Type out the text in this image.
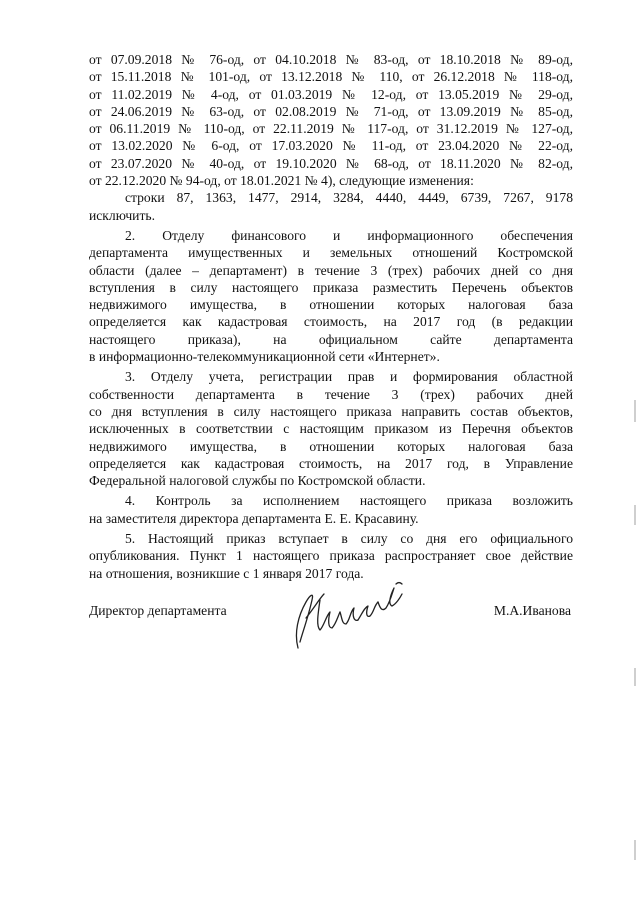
от 07.09.2018 № 76-од, от 04.10.2018 № 83-од, от 18.10.2018 № 89-од,
от 15.11.2018 № 101-од, от 13.12.2018 № 110, от 26.12.2018 № 118-од,
от 11.02.2019 № 4-од, от 01.03.2019 № 12-од, от 13.05.2019 № 29-од,
от 24.06.2019 № 63-од, от 02.08.2019 № 71-од, от 13.09.2019 № 85-од,
от 06.11.2019 № 110-од, от 22.11.2019 № 117-од, от 31.12.2019 № 127-од,
от 13.02.2020 № 6-од, от 17.03.2020 № 11-од, от 23.04.2020 № 22-од,
от 23.07.2020 № 40-од, от 19.10.2020 № 68-од, от 18.11.2020 № 82-од,
от 22.12.2020 № 94-од, от 18.01.2021 № 4), следующие изменения:
строки 87, 1363, 1477, 2914, 3284, 4440, 4449, 6739, 7267, 9178
исключить.
2. Отделу финансового и информационного обеспечения
департамента имущественных и земельных отношений Костромской
области (далее – департамент) в течение 3 (трех) рабочих дней со дня
вступления в силу настоящего приказа разместить Перечень объектов
недвижимого имущества, в отношении которых налоговая база
определяется как кадастровая стоимость, на 2017 год (в редакции
настоящего приказа), на официальном сайте департамента
в информационно-телекоммуникационной сети «Интернет».
3. Отделу учета, регистрации прав и формирования областной
собственности департамента в течение 3 (трех) рабочих дней
со дня вступления в силу настоящего приказа направить состав объектов,
исключенных в соответствии с настоящим приказом из Перечня объектов
недвижимого имущества, в отношении которых налоговая база
определяется как кадастровая стоимость, на 2017 год, в Управление
Федеральной налоговой службы по Костромской области.
4. Контроль за исполнением настоящего приказа возложить
на заместителя директора департамента Е. Е. Красавину.
5. Настоящий приказ вступает в силу со дня его официального
опубликования. Пункт 1 настоящего приказа распространяет свое действие
на отношения, возникшие с 1 января 2017 года.
Директор департамента	М.А.Иванова
